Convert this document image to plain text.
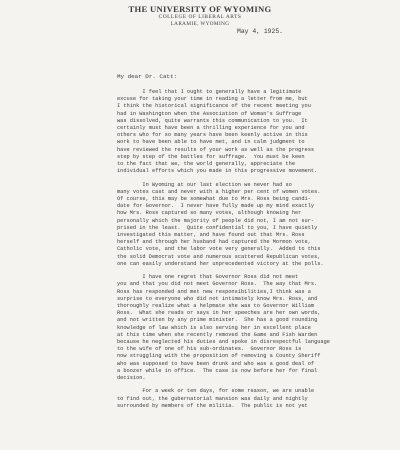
THE UNIVERSITY OF WYOMING
COLLEGE OF LIBERAL ARTS
LARAMIE, WYOMING
May 4, 1925.
My dear Dr. Catt:
I feel that I ought to generally have a legitimate
excuse for taking your time in reading a letter from me, but
I think the historical significance of the recent meeting you
had in Washington when the Association of Woman's Suffrage
was dissolved, quite warrants this communication to you.  It
certainly must have been a thrilling experience for you and
others who for so many years have been keenly active in this
work to have been able to have met, and in calm judgment to
have reviewed the results of your work as well as the progress
step by step of the battles for suffrage.  You must be keen
to the fact that we, the world generally, appreciate the
individual efforts which you made in this progressive movement.
In Wyoming at our last election we never had so
many votes cast and never with a higher per cent of women votes.
Of course, this may be somewhat due to Mrs. Ross being candi-
date for Governor.  I never have fully made up my mind exactly
how Mrs. Ross captured so many votes, although knowing her
personally which the majority of people did not, I am not sur-
prised in the least.  Quite confidential to you, I have quietly
investigated this matter, and have found out that Mrs. Ross
herself and through her husband had captured the Mormon vote,
Catholic vote, and the labor vote very generally.  Added to this
the solid Democrat vote and numerous scattered Republican votes,
one can easily understand her unprecedented victory at the polls.
I have one regret that Governor Ross did not meet
you and that you did not meet Governor Ross.  The way that Mrs.
Ross has responded and met new responsibilities,I think was a
surprise to everyone who did not intimately know Mrs. Ross, and
thoroughly realize what a helpmate she was to Governor William
Ross.  What she reads or says in her speeches are her own words,
and not written by any prime minister.  She has a good rounding
knowledge of law which is also serving her in excellent place
at this time when she recently removed the Game and Fish Warden
because he neglected his duties and spoke in disrespectful language
to the wife of one of his sub-ordinates.  Governor Ross is
now struggling with the proposition of removing a County Sheriff
who was supposed to have been drunk and who was a good deal of
a boozer while in office.  The case is now before her for final
decision.
For a week or ten days, for some reason, we are unable
to find out, the gubernatorial mansion was daily and nightly
surrounded by members of the militia.  The public is not yet
